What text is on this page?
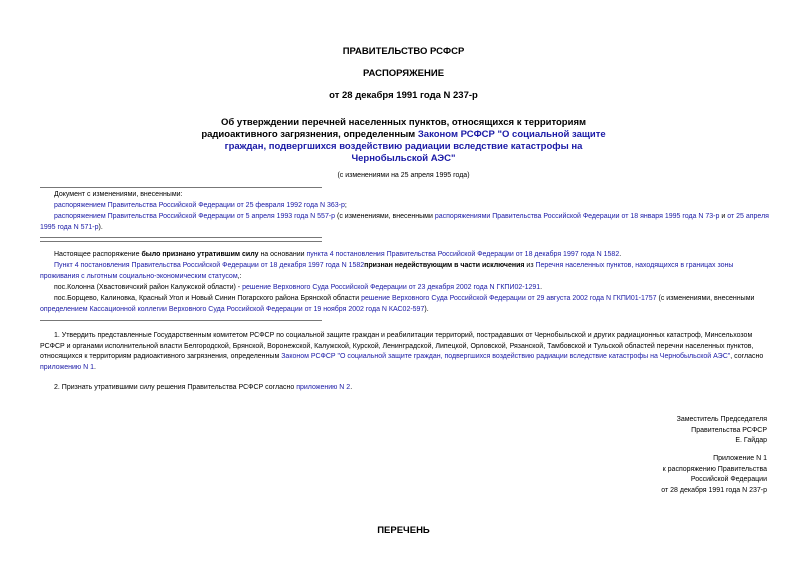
ПРАВИТЕЛЬСТВО РСФСР
РАСПОРЯЖЕНИЕ
от 28 декабря 1991 года N 237-р
Об утверждении перечней населенных пунктов, относящихся к территориям радиоактивного загрязнения, определенным Законом РСФСР "О социальной защите граждан, подвергшихся воздействию радиации вследствие катастрофы на Чернобыльской АЭС"
(с изменениями на 25 апреля 1995 года)
Документ с изменениями, внесенными:
распоряжением Правительства Российской Федерации от 25 февраля 1992 года N 363-р;
распоряжением Правительства Российской Федерации от 5 апреля 1993 года N 557-р (с изменениями, внесенными распоряжениями Правительства Российской Федерации от 18 января 1995 года N 73-р и от 25 апреля 1995 года N 571-р).
Настоящее распоряжение было признано утратившим силу на основании пункта 4 постановления Правительства Российской Федерации от 18 декабря 1997 года N 1582.
Пункт 4 постановления Правительства Российской Федерации от 18 декабря 1997 года N 1582признан недействующим в части исключения из Перечня населенных пунктов, находящихся в границах зоны проживания с льготным социально-экономическим статусом,:
пос.Колонна (Хвастовичский район Калужской области) - решение Верховного Суда Российской Федерации от 23 декабря 2002 года N ГКПИ02-1291.
пос.Борщево, Калиновка, Красный Угол и Новый Синин Погарского района Брянской области решение Верховного Суда Российской Федерации от 29 августа 2002 года N ГКПИ01-1757 (с изменениями, внесенными определением Кассационной коллегии Верховного Суда Российской Федерации от 19 ноября 2002 года N КАС02-597).
1. Утвердить представленные Государственным комитетом РСФСР по социальной защите граждан и реабилитации территорий, пострадавших от Чернобыльской и других радиационных катастроф, Минсельхозом РСФСР и органами исполнительной власти Белгородской, Брянской, Воронежской, Калужской, Курской, Ленинградской, Липецкой, Орловской, Рязанской, Тамбовской и Тульской областей перечни населенных пунктов, относящихся к территориям радиоактивного загрязнения, определенным Законом РСФСР "О социальной защите граждан, подвергшихся воздействию радиации вследствие катастрофы на Чернобыльской АЭС", согласно приложению N 1.
2. Признать утратившими силу решения Правительства РСФСР согласно приложению N 2.
Заместитель Председателя
Правительства РСФСР
Е. Гайдар
Приложение N 1
к распоряжению Правительства
Российской Федерации
от 28 декабря 1991 года N 237-р
ПЕРЕЧЕНЬ
